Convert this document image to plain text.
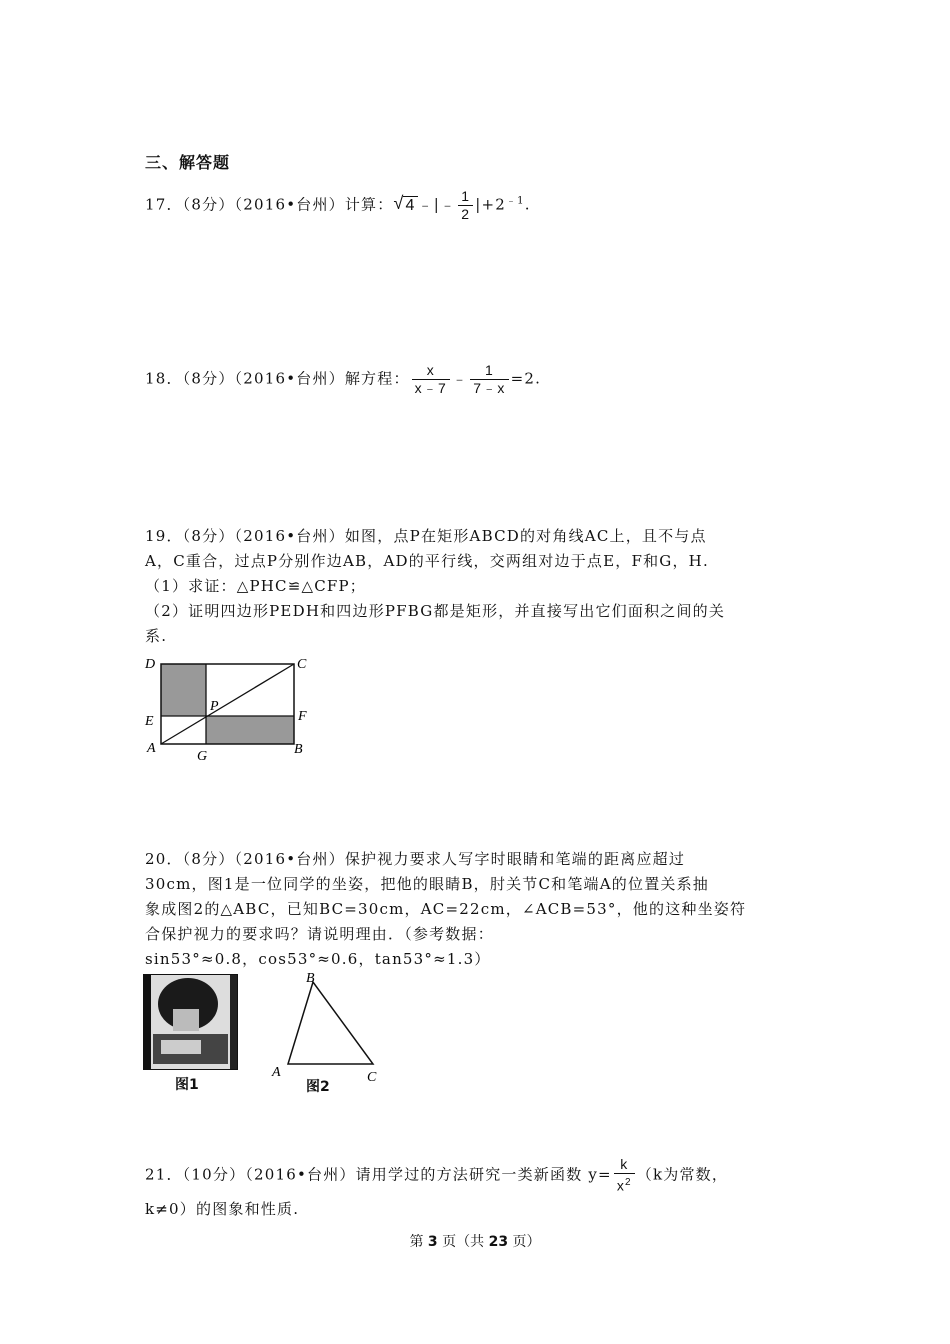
三、解答题
17．（8分）（2016•台州）计算： √ 4 ﹣|﹣ $\frac{1}{2} |+2^{﹣1}$.
18．（8分）（2016•台州）解方程： $\frac{x}{x﹣7}$ ﹣ $\frac{1}{7﹣x} =2$.
19．（8分）（2016•台州）如图，点P在矩形ABCD的对角线AC上，且不与点
A，C重合，过点P分别作边AB，AD的平行线，交两组对边于点E，F和G，H.
（1）求证：△PHC≌△CFP；
（2）证明四边形PEDH和四边形PFBG都是矩形，并直接写出它们面积之间的关
系.
D	C
P
E	F
A
G	B
20．（8分）（2016•台州）保护视力要求人写字时眼睛和笔端的距离应超过
30cm，图1是一位同学的坐姿，把他的眼睛B，肘关节C和笔端A的位置关系抽
象成图2的△ABC，已知BC=30cm，AC=22cm，∠ACB=53°，他的这种坐姿符
合保护视力的要求吗？请说明理由．（参考数据：
sin53°≈0.8，cos53°≈0.6，tan53°≈1.3）
图1
B
A	C
图2
21．（10分）（2016•台州）请用学过的方法研究一类新函数 $y= \frac{k}{x^2} (k$为常数，
k≠0）的图象和性质.
第 3 页（共 23 页）
